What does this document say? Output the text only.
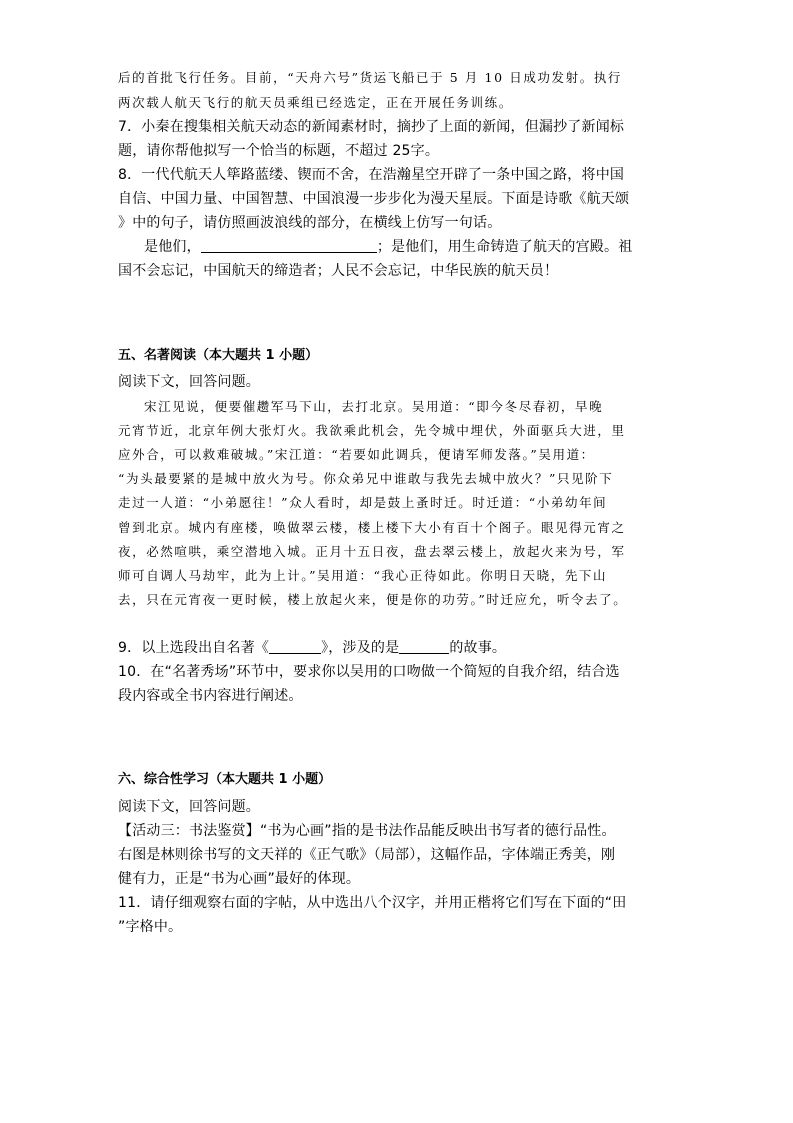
后的首批飞行任务。目前，“天舟六号”货运飞船已于 5 月 10 日成功发射。执行
两次载人航天飞行的航天员乘组已经选定，正在开展任务训练。
7．小秦在搜集相关航天动态的新闻素材时，摘抄了上面的新闻，但漏抄了新闻标
题，请你帮他拟写一个恰当的标题，不超过 25字。
8．一代代航天人筚路蓝缕、锲而不舍，在浩瀚星空开辟了一条中国之路，将中国
自信、中国力量、中国智慧、中国浪漫一步步化为漫天星辰。下面是诗歌《航天颂
》中的句子，请仿照画波浪线的部分，在横线上仿写一句话。
是他们，	；是他们，用生命铸造了航天的宫殿。祖
国不会忘记，中国航天的缔造者；人民不会忘记，中华民族的航天员！
五、名著阅读（本大题共 1 小题）
阅读下文，回答问题。
宋江见说，便要催趱军马下山，去打北京。吴用道：“即今冬尽春初，早晚
元宵节近，北京年例大张灯火。我欲乘此机会，先令城中埋伏，外面驱兵大进，里
应外合，可以救难破城。”宋江道：“若要如此调兵，便请军师发落。”吴用道：
“为头最要紧的是城中放火为号。你众弟兄中谁敢与我先去城中放火？”只见阶下
走过一人道：“小弟愿往！”众人看时，却是鼓上蚤时迁。时迁道：“小弟幼年间
曾到北京。城内有座楼，唤做翠云楼，楼上楼下大小有百十个阁子。眼见得元宵之
夜，必然喧哄，乘空潜地入城。正月十五日夜，盘去翠云楼上，放起火来为号，军
师可自调人马劫牢，此为上计。”吴用道：“我心正待如此。你明日天晓，先下山
去，只在元宵夜一更时候，楼上放起火来，便是你的功劳。”时迁应允，听令去了。
9．以上选段出自名著《	》，涉及的是	的故事。
10．在“名著秀场”环节中，要求你以吴用的口吻做一个简短的自我介绍，结合选
段内容或全书内容进行阐述。
六、综合性学习（本大题共 1 小题）
阅读下文，回答问题。
【活动三：书法鉴赏】“书为心画”指的是书法作品能反映出书写者的德行品性。
右图是林则徐书写的文天祥的《正气歌》（局部），这幅作品，字体端正秀美，刚
健有力，正是“书为心画”最好的体现。
11．请仔细观察右面的字帖，从中选出八个汉字，并用正楷将它们写在下面的“田
”字格中。
